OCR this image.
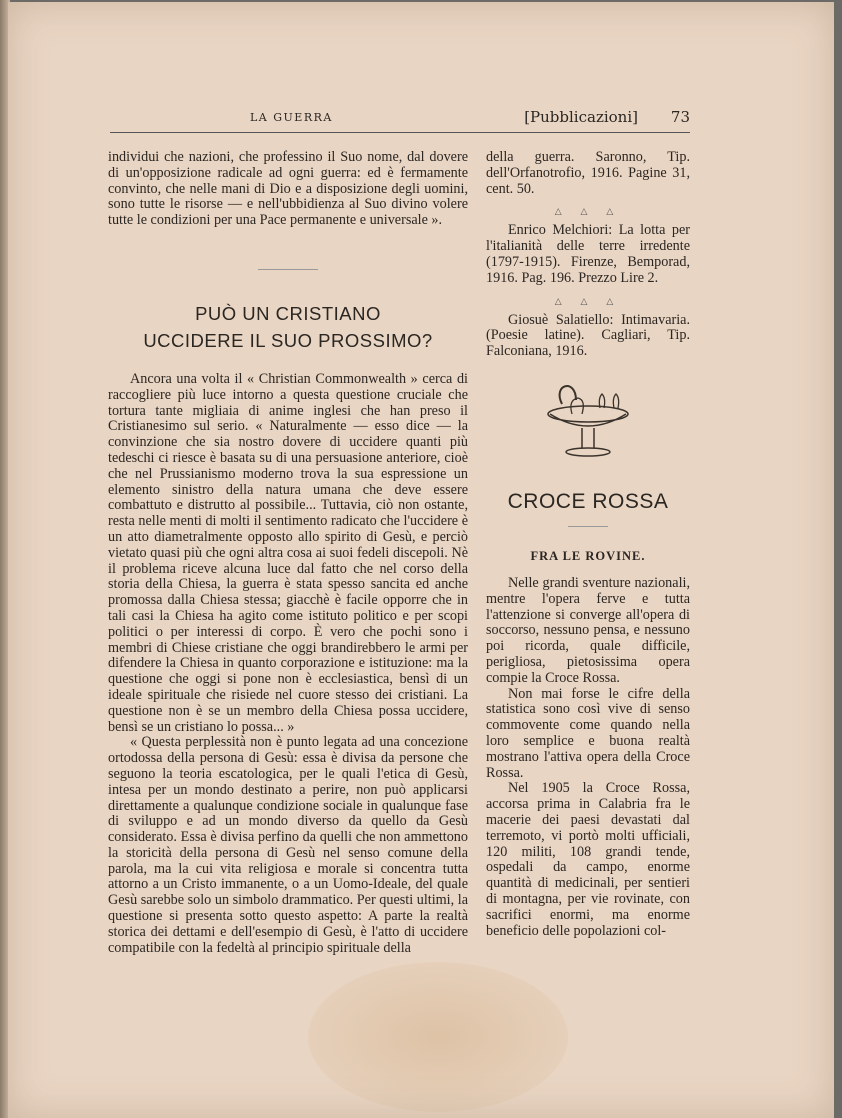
LA GUERRA	[Pubblicazioni] 73

individui che nazioni, che professino il Suo nome, dal dovere di un'opposizione radicale ad ogni guerra: ed è fermamente convinto, che nelle mani di Dio e a disposizione degli uomini, sono tutte le risorse — e nell'ubbidienza al Suo divino volere tutte le condizioni per una Pace permanente e universale ».

PUÒ UN CRISTIANO
UCCIDERE IL SUO PROSSIMO?

Ancora una volta il « Christian Commonwealth » cerca di raccogliere più luce intorno a questa questione cruciale che tortura tante migliaia di anime inglesi che han preso il Cristianesimo sul serio. « Naturalmente — esso dice — la convinzione che sia nostro dovere di uccidere quanti più tedeschi ci riesce è basata su di una persuasione anteriore, cioè che nel Prussianismo moderno trova la sua espressione un elemento sinistro della natura umana che deve essere combattuto e distrutto al possibile... Tuttavia, ciò non ostante, resta nelle menti di molti il sentimento radicato che l'uccidere è un atto diametralmente opposto allo spirito di Gesù, e perciò vietato quasi più che ogni altra cosa ai suoi fedeli discepoli. Nè il problema riceve alcuna luce dal fatto che nel corso della storia della Chiesa, la guerra è stata spesso sancita ed anche promossa dalla Chiesa stessa; giacchè è facile opporre che in tali casi la Chiesa ha agito come istituto politico e per scopi politici o per interessi di corpo. È vero che pochi sono i membri di Chiese cristiane che oggi brandirebbero le armi per difendere la Chiesa in quanto corporazione e istituzione: ma la questione che oggi si pone non è ecclesiastica, bensì di un ideale spirituale che risiede nel cuore stesso dei cristiani. La questione non è se un membro della Chiesa possa uccidere, bensì se un cristiano lo possa... »

« Questa perplessità non è punto legata ad una concezione ortodossa della persona di Gesù: essa è divisa da persone che seguono la teoria escatologica, per le quali l'etica di Gesù, intesa per un mondo destinato a perire, non può applicarsi direttamente a qualunque condizione sociale in qualunque fase di sviluppo e ad un mondo diverso da quello da Gesù considerato. Essa è divisa perfino da quelli che non ammettono la storicità della persona di Gesù nel senso comune della parola, ma la cui vita religiosa e morale si concentra tutta attorno a un Cristo immanente, o a un Uomo-Ideale, del quale Gesù sarebbe solo un simbolo drammatico. Per questi ultimi, la questione si presenta sotto questo aspetto: A parte la realtà storica dei dettami e dell'esempio di Gesù, è l'atto di uccidere compatibile con la fedeltà al principio spirituale della

della guerra. Saronno, Tip. dell'Orfanotrofio, 1916. Pagine 31, cent. 50.

△ △ △

Enrico Melchiori: La lotta per l'italianità delle terre irredente (1797-1915). Firenze, Bemporad, 1916. Pag. 196. Prezzo Lire 2.

△ △ △

Giosuè Salatiello: Intimavaria. (Poesie latine). Cagliari, Tip. Falconiana, 1916.

CROCE ROSSA
FRA LE ROVINE.

Nelle grandi sventure nazionali, mentre l'opera ferve e tutta l'attenzione si converge all'opera di soccorso, nessuno pensa, e nessuno poi ricorda, quale difficile, perigliosa, pietosissima opera compie la Croce Rossa.

Non mai forse le cifre della statistica sono così vive di senso commovente come quando nella loro semplice e buona realtà mostrano l'attiva opera della Croce Rossa.

Nel 1905 la Croce Rossa, accorsa prima in Calabria fra le macerie dei paesi devastati dal terremoto, vi portò molti ufficiali, 120 militi, 108 grandi tende, ospedali da campo, enorme quantità di medicinali, per sentieri di montagna, per vie rovinate, con sacrifici enormi, ma enorme beneficio delle popolazioni col-
